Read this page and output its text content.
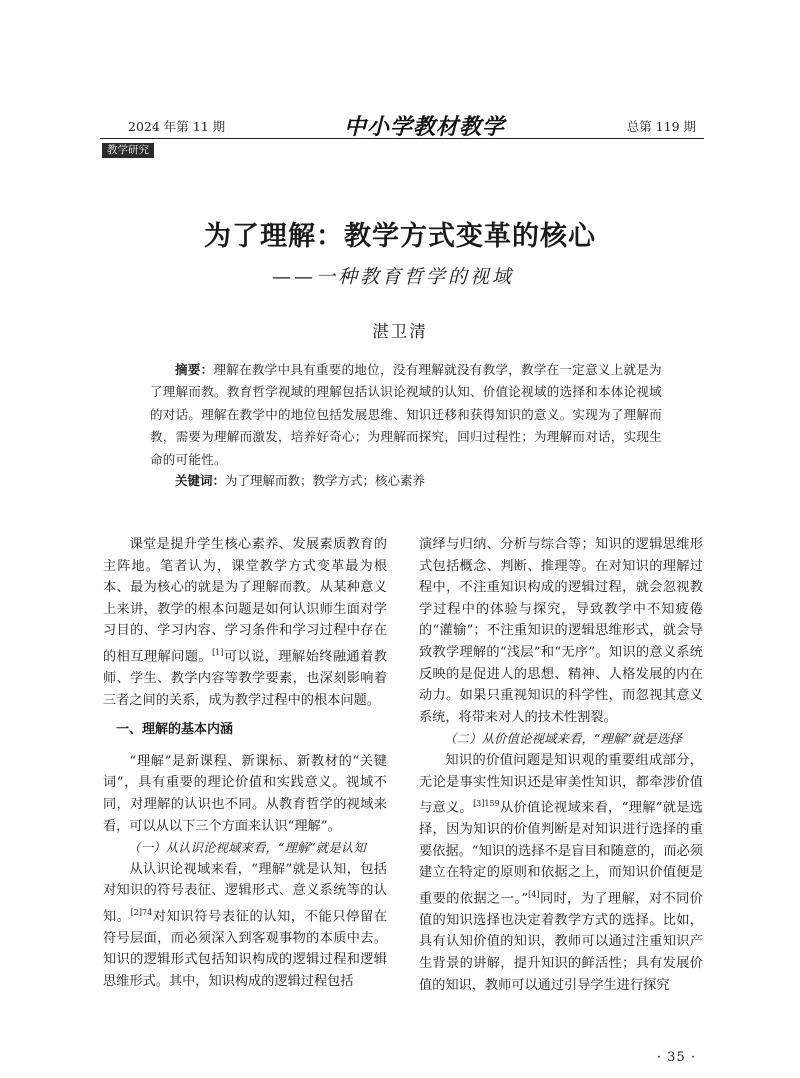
2024 年第 11 期	中小学教材教学	总第 119 期
教学研究
为了理解：教学方式变革的核心
——一种教育哲学的视域
湛卫清
摘要：理解在教学中具有重要的地位，没有理解就没有教学，教学在一定意义上就是为了理解而教。教育哲学视域的理解包括认识论视域的认知、价值论视域的选择和本体论视域的对话。理解在教学中的地位包括发展思维、知识迁移和获得知识的意义。实现为了理解而教，需要为理解而激发，培养好奇心；为理解而探究，回归过程性；为理解而对话，实现生命的可能性。
关键词：为了理解而教；教学方式；核心素养

课堂是提升学生核心素养、发展素质教育的主阵地。笔者认为，课堂教学方式变革最为根本、最为核心的就是为了理解而教。从某种意义上来讲，教学的根本问题是如何认识师生面对学习目的、学习内容、学习条件和学习过程中存在的相互理解问题。[1]可以说，理解始终融通着教师、学生、教学内容等教学要素，也深刻影响着三者之间的关系，成为教学过程中的根本问题。

一、理解的基本内涵

“理解”是新课程、新课标、新教材的“关键词”，具有重要的理论价值和实践意义。视域不同，对理解的认识也不同。从教育哲学的视域来看，可以从以下三个方面来认识“理解”。

（一）从认识论视域来看，“理解”就是认知

从认识论视域来看，“理解”就是认知，包括对知识的符号表征、逻辑形式、意义系统等的认知。$^{[2]74}$对知识符号表征的认知，不能只停留在符号层面，而必须深入到客观事物的本质中去。知识的逻辑形式包括知识构成的逻辑过程和逻辑思维形式。其中，知识构成的逻辑过程包括

演绎与归纳、分析与综合等；知识的逻辑思维形式包括概念、判断、推理等。在对知识的理解过程中，不注重知识构成的逻辑过程，就会忽视教学过程中的体验与探究，导致教学中不知疲倦的“灌输”；不注重知识的逻辑思维形式，就会导致教学理解的“浅层”和“无序”。知识的意义系统反映的是促进人的思想、精神、人格发展的内在动力。如果只重视知识的科学性，而忽视其意义系统，将带来对人的技术性割裂。

（二）从价值论视域来看，“理解”就是选择

知识的价值问题是知识观的重要组成部分，无论是事实性知识还是审美性知识，都牵涉价值与意义。$^{[3]159}$从价值论视域来看，“理解”就是选择，因为知识的价值判断是对知识进行选择的重要依据。“知识的选择不是盲目和随意的，而必须建立在特定的原则和依据之上，而知识价值便是重要的依据之一。”[4]同时，为了理解，对不同价值的知识选择也决定着教学方式的选择。比如，具有认知价值的知识，教师可以通过注重知识产生背景的讲解，提升知识的鲜活性；具有发展价值的知识，教师可以通过引导学生进行探究

· 35 ·
